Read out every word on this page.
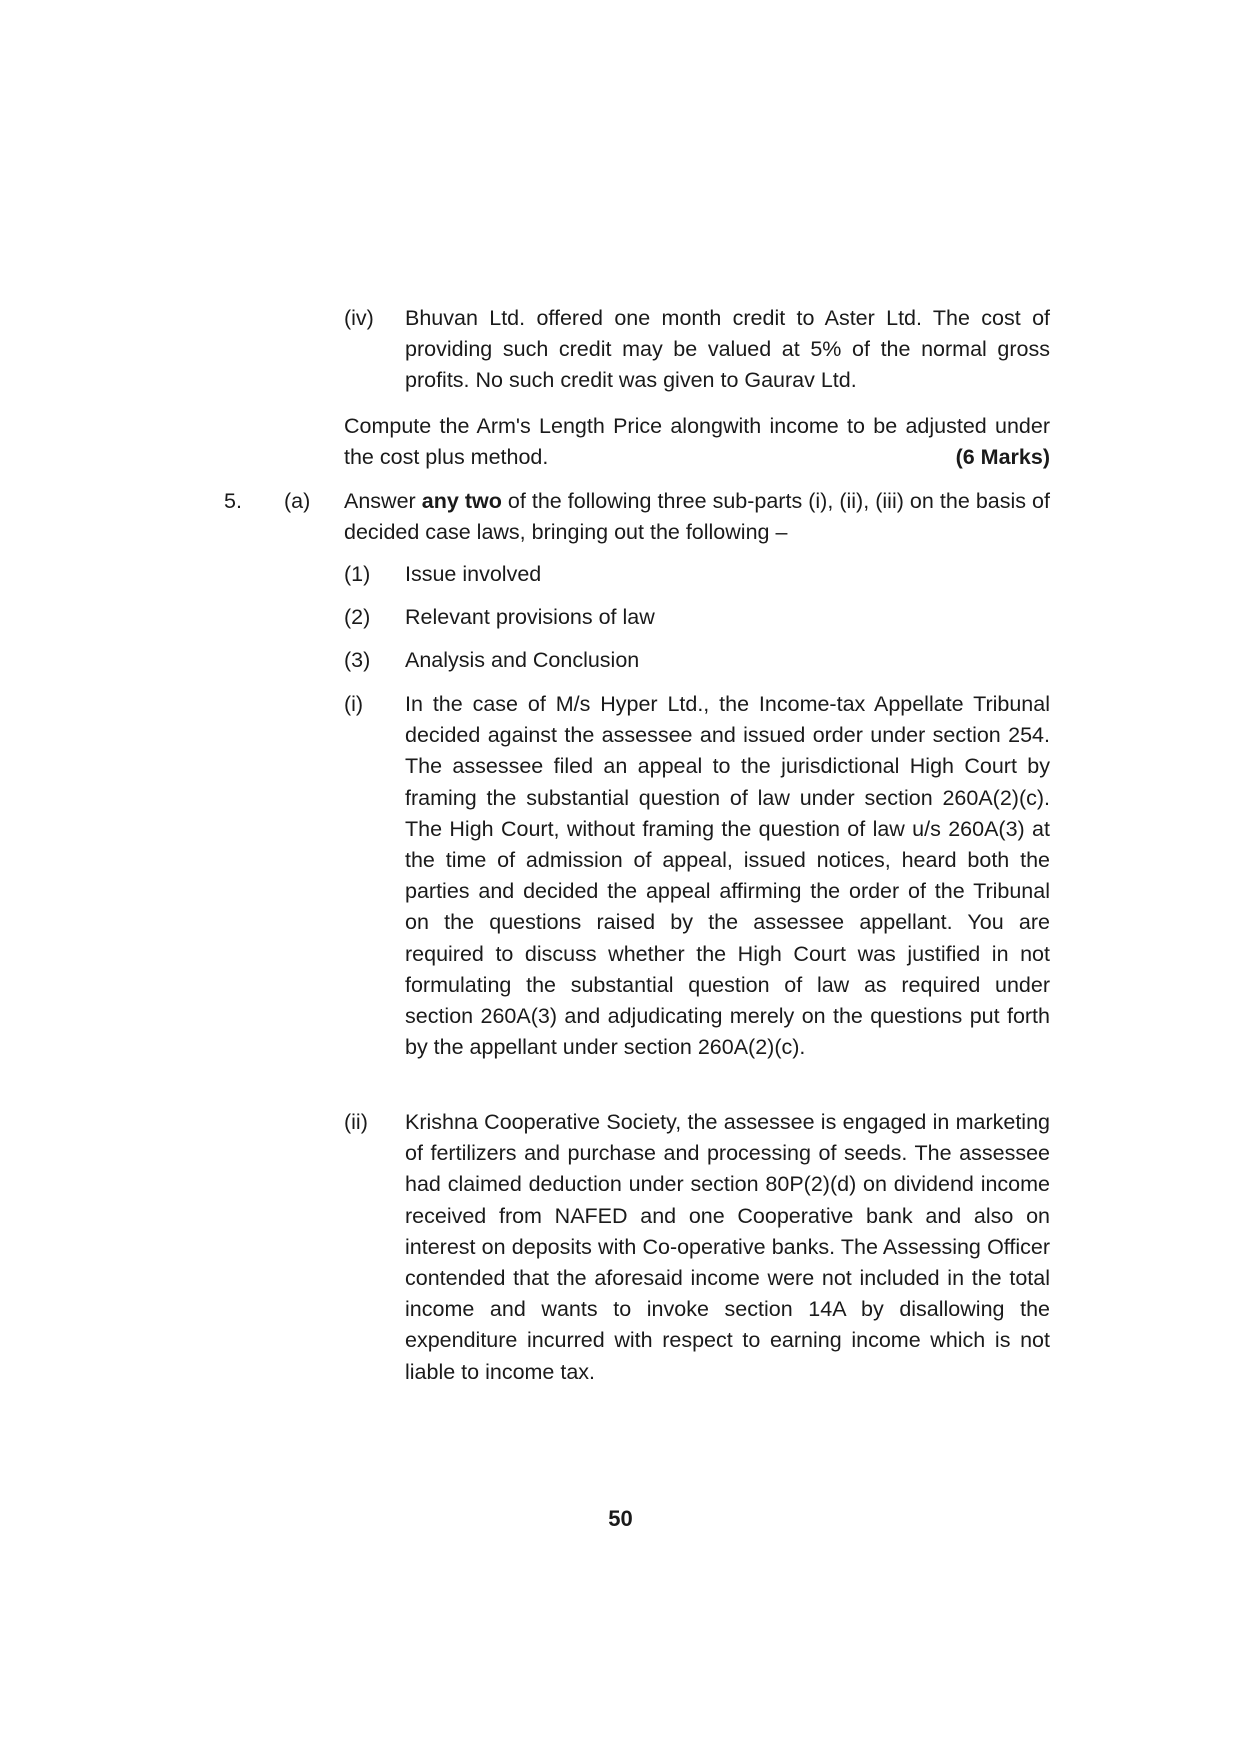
(iv) Bhuvan Ltd. offered one month credit to Aster Ltd. The cost of providing such credit may be valued at 5% of the normal gross profits. No such credit was given to Gaurav Ltd.
Compute the Arm's Length Price alongwith income to be adjusted under the cost plus method.	(6 Marks)
5. (a) Answer any two of the following three sub-parts (i), (ii), (iii) on the basis of decided case laws, bringing out the following –
(1) Issue involved
(2) Relevant provisions of law
(3) Analysis and Conclusion
(i) In the case of M/s Hyper Ltd., the Income-tax Appellate Tribunal decided against the assessee and issued order under section 254. The assessee filed an appeal to the jurisdictional High Court by framing the substantial question of law under section 260A(2)(c). The High Court, without framing the question of law u/s 260A(3) at the time of admission of appeal, issued notices, heard both the parties and decided the appeal affirming the order of the Tribunal on the questions raised by the assessee appellant. You are required to discuss whether the High Court was justified in not formulating the substantial question of law as required under section 260A(3) and adjudicating merely on the questions put forth by the appellant under section 260A(2)(c).
(ii) Krishna Cooperative Society, the assessee is engaged in marketing of fertilizers and purchase and processing of seeds. The assessee had claimed deduction under section 80P(2)(d) on dividend income received from NAFED and one Cooperative bank and also on interest on deposits with Co-operative banks. The Assessing Officer contended that the aforesaid income were not included in the total income and wants to invoke section 14A by disallowing the expenditure incurred with respect to earning income which is not liable to income tax.
50
